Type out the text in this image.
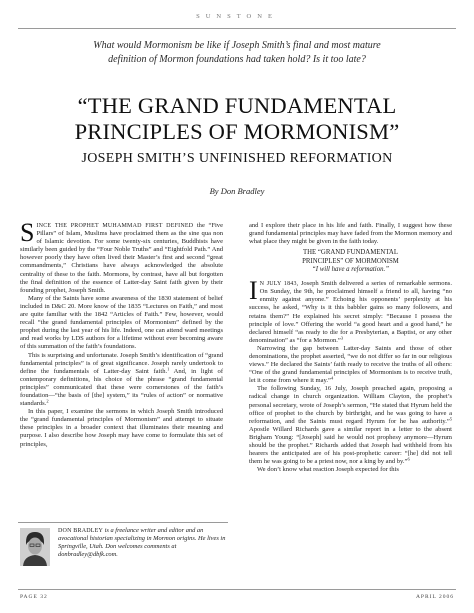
SUNSTONE
What would Mormonism be like if Joseph Smith’s final and most mature definition of Mormon foundations had taken hold? Is it too late?
“THE GRAND FUNDAMENTAL
PRINCIPLES OF MORMONISM”
JOSEPH SMITH’S UNFINISHED REFORMATION
By Don Bradley

SINCE THE PROPHET MUHAMMAD FIRST DEFINED the “Five Pillars” of Islam, Muslims have proclaimed them as the sine qua non of Islamic devotion. For some twenty-six centuries, Buddhists have similarly been guided by the “Four Noble Truths” and “Eightfold Path.” And however poorly they have often lived their Master’s first and second “great commandments,” Christians have always acknowledged the absolute centrality of these to the faith. Mormons, by contrast, have all but forgotten the final definition of the essence of Latter-day Saint faith given by their founding prophet, Joseph Smith.

Many of the Saints have some awareness of the 1830 statement of belief included in D&C 20. More know of the 1835 “Lectures on Faith,” and most are quite familiar with the 1842 “Articles of Faith.” Few, however, would recall “the grand fundamental principles of Mormonism” defined by the prophet during the last year of his life. Indeed, one can attend ward meetings and read works by LDS authors for a lifetime without ever becoming aware of this summation of the faith’s foundations.

This is surprising and unfortunate. Joseph Smith’s identification of “grand fundamental principles” is of great significance. Joseph rarely undertook to define the fundamentals of Latter-day Saint faith.$^1$ And, in light of contemporary definitions, his choice of the phrase “grand fundamental principles” communicated that these were cornerstones of the faith’s foundation—“the basis of [the] system,” its “rules of action” or normative standards.$^2$

In this paper, I examine the sermons in which Joseph Smith introduced the “grand fundamental principles of Mormonism” and attempt to situate these principles in a broader context that illuminates their meaning and purpose. I also describe how Joseph may have come to formulate this set of principles,

and I explore their place in his life and faith. Finally, I suggest how these grand fundamental principles may have faded from the Mormon memory and what place they might be given in the faith today.

THE “GRAND FUNDAMENTAL
PRINCIPLES” OF MORMONISM
“I will have a reformation.”

IN JULY 1843, Joseph Smith delivered a series of remarkable sermons. On Sunday, the 9th, he proclaimed himself a friend to all, having “no enmity against anyone.” Echoing his opponents’ perplexity at his success, he asked, “Why is it this babbler gains so many followers, and retains them?” He explained his secret simply: “Because I possess the principle of love.” Offering the world “a good heart and a good hand,” he declared himself “as ready to die for a Presbyterian, a Baptist, or any other denomination” as “for a Mormon.”$^3$

Narrowing the gap between Latter-day Saints and those of other denominations, the prophet asserted, “we do not differ so far in our religious views.” He declared the Saints’ faith ready to receive the truths of all others: “One of the grand fundamental principles of Mormonism is to receive truth, let it come from where it may.”$^4$

The following Sunday, 16 July, Joseph preached again, proposing a radical change in church organization. William Clayton, the prophet’s personal secretary, wrote of Joseph’s sermon, “He stated that Hyrum held the office of prophet to the church by birthright, and he was going to have a reformation, and the Saints must regard Hyrum for he has authority.”$^5$ Apostle Willard Richards gave a similar report in a letter to the absent Brigham Young: “[Joseph] said he would not prophesy anymore—Hyrum should be the prophet.” Richards added that Joseph had withheld from his hearers the anticipated are of his post-prophetic career: “[he] did not tell them he was going to be a priest now, nor a king by and by.”$^6$

We don’t know what reaction Joseph expected for this

DON BRADLEY is a freelance writer and editor and an avocational historian specializing in Mormon origins. He lives in Springville, Utah. Don welcomes comments at donbradley@dbfk.com.
PAGE 32	APRIL 2006
